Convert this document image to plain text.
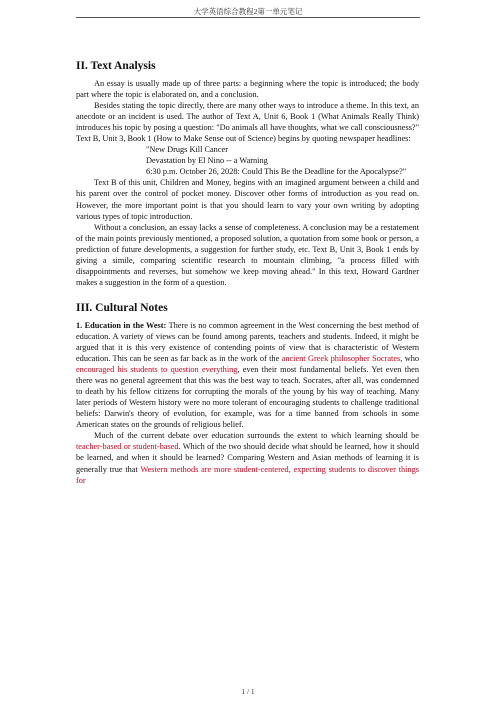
大学英语综合教程2第一单元笔记
II. Text Analysis

An essay is usually made up of three parts: a beginning where the topic is introduced; the body part where the topic is elaborated on, and a conclusion.

Besides stating the topic directly, there are many other ways to introduce a theme. In this text, an anecdote or an incident is used. The author of Text A, Unit 6, Book 1 (What Animals Really Think) introduces his topic by posing a question: "Do animals all have thoughts, what we call consciousness?" Text B, Unit 3, Book 1 (How to Make Sense out of Science) begins by quoting newspaper headlines:

"New Drugs Kill Cancer

Devastation by El Nino -- a Warning

6:30 p.m. October 26, 2028: Could This Be the Deadline for the Apocalypse?"

Text B of this unit, Children and Money, begins with an imagined argument between a child and his parent over the control of pocket money. Discover other forms of introduction as you read on. However, the more important point is that you should learn to vary your own writing by adopting various types of topic introduction.

Without a conclusion, an essay lacks a sense of completeness. A conclusion may be a restatement of the main points previously mentioned, a proposed solution, a quotation from some book or person, a prediction of future developments, a suggestion for further study, etc. Text B, Unit 3, Book 1 ends by giving a simile, comparing scientific research to mountain climbing, "a process filled with disappointments and reverses, but somehow we keep moving ahead." In this text, Howard Gardner makes a suggestion in the form of a question.

III. Cultural Notes

1. Education in the West: There is no common agreement in the West concerning the best method of education. A variety of views can be found among parents, teachers and students. Indeed, it might be argued that it is this very existence of contending points of view that is characteristic of Western education. This can be seen as far back as in the work of the ancient Greek philosopher Socrates, who encouraged his students to question everything, even their most fundamental beliefs. Yet even then there was no general agreement that this was the best way to teach. Socrates, after all, was condemned to death by his fellow citizens for corrupting the morals of the young by his way of teaching. Many later periods of Western history were no more tolerant of encouraging students to challenge traditional beliefs: Darwin's theory of evolution, for example, was for a time banned from schools in some American states on the grounds of religious belief.

Much of the current debate over education surrounds the extent to which learning should be teacher-based or student-based. Which of the two should decide what should be learned, how it should be learned, and when it should be learned? Comparing Western and Asian methods of learning it is generally true that Western methods are more student-centered, expecting students to discover things for

1 / 1
